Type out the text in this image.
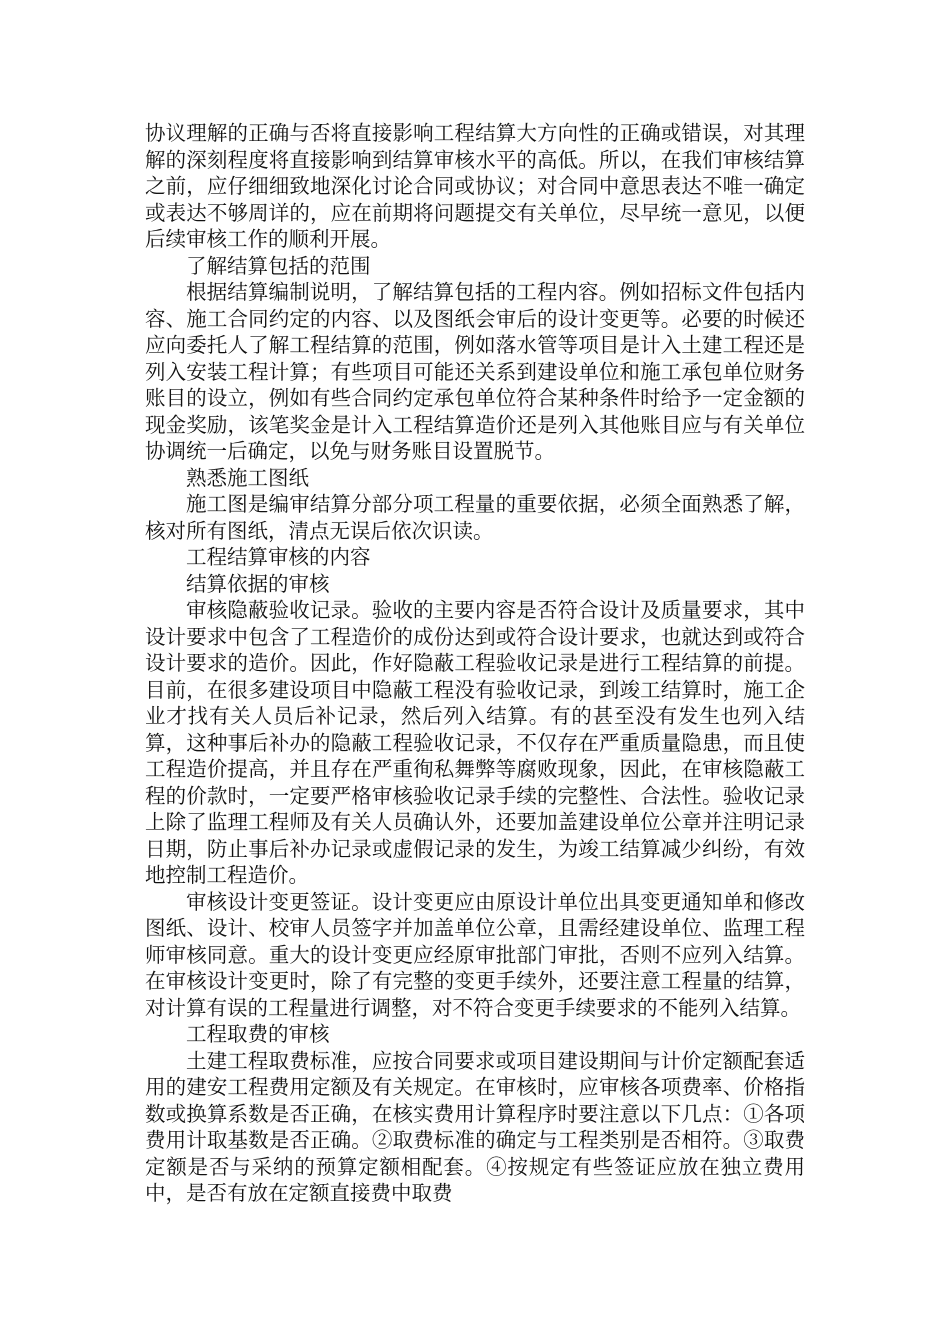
协议理解的正确与否将直接影响工程结算大方向性的正确或错误，对其理解的深刻程度将直接影响到结算审核水平的高低。所以，在我们审核结算之前，应仔细细致地深化讨论合同或协议；对合同中意思表达不唯一确定或表达不够周详的，应在前期将问题提交有关单位，尽早统一意见，以便后续审核工作的顺利开展。

了解结算包括的范围

根据结算编制说明，了解结算包括的工程内容。例如招标文件包括内容、施工合同约定的内容、以及图纸会审后的设计变更等。必要的时候还应向委托人了解工程结算的范围，例如落水管等项目是计入土建工程还是列入安装工程计算；有些项目可能还关系到建设单位和施工承包单位财务账目的设立，例如有些合同约定承包单位符合某种条件时给予一定金额的现金奖励，该笔奖金是计入工程结算造价还是列入其他账目应与有关单位协调统一后确定，以免与财务账目设置脱节。

熟悉施工图纸

施工图是编审结算分部分项工程量的重要依据，必须全面熟悉了解，核对所有图纸，清点无误后依次识读。

工程结算审核的内容

结算依据的审核

审核隐蔽验收记录。验收的主要内容是否符合设计及质量要求，其中设计要求中包含了工程造价的成份达到或符合设计要求，也就达到或符合设计要求的造价。因此，作好隐蔽工程验收记录是进行工程结算的前提。目前，在很多建设项目中隐蔽工程没有验收记录，到竣工结算时，施工企业才找有关人员后补记录，然后列入结算。有的甚至没有发生也列入结算，这种事后补办的隐蔽工程验收记录，不仅存在严重质量隐患，而且使工程造价提高，并且存在严重徇私舞弊等腐败现象，因此，在审核隐蔽工程的价款时，一定要严格审核验收记录手续的完整性、合法性。验收记录上除了监理工程师及有关人员确认外，还要加盖建设单位公章并注明记录日期，防止事后补办记录或虚假记录的发生，为竣工结算减少纠纷，有效地控制工程造价。

审核设计变更签证。设计变更应由原设计单位出具变更通知单和修改图纸、设计、校审人员签字并加盖单位公章，且需经建设单位、监理工程师审核同意。重大的设计变更应经原审批部门审批，否则不应列入结算。在审核设计变更时，除了有完整的变更手续外，还要注意工程量的结算，对计算有误的工程量进行调整，对不符合变更手续要求的不能列入结算。

工程取费的审核

土建工程取费标准，应按合同要求或项目建设期间与计价定额配套适用的建安工程费用定额及有关规定。在审核时，应审核各项费率、价格指数或换算系数是否正确，在核实费用计算程序时要注意以下几点：①各项费用计取基数是否正确。②取费标准的确定与工程类别是否相符。③取费定额是否与采纳的预算定额相配套。④按规定有些签证应放在独立费用中，是否有放在定额直接费中取费
